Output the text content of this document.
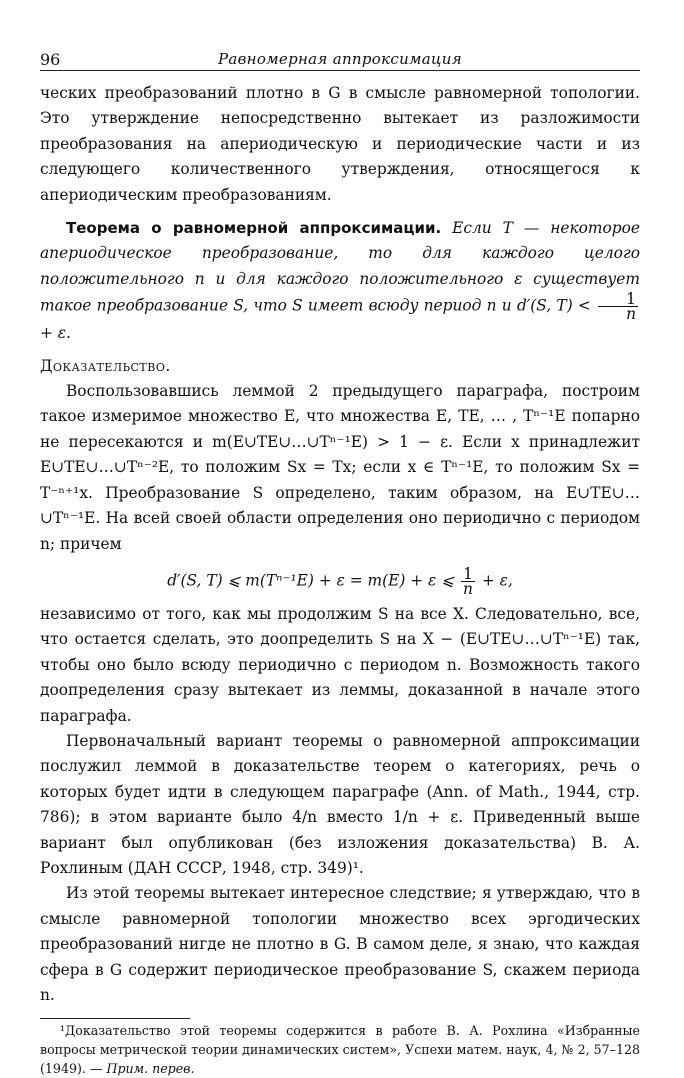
96	Равномерная аппроксимация

ческих преобразований плотно в G в смысле равномерной топологии. Это утверждение непосредственно вытекает из разложимости преобразования на апериодическую и периодические части и из следующего количественного утверждения, относящегося к апериодическим преобразованиям.

Теорема о равномерной аппроксимации. Если T — некоторое апериодическое преобразование, то для каждого целого положительного n и для каждого положительного ε существует такое преобразование S, что S имеет всюду период n и d′(S, $T) < \frac{1}{n}$
+ ε.

Доказательство.

Воспользовавшись леммой 2 предыдущего параграфа, построим такое измеримое множество E, что множества E, TE, … , Tⁿ⁻¹E попарно не пересекаются и m(E∪TE∪…∪Tⁿ⁻¹E) > 1 − ε. Если x принадлежит E∪TE∪…∪Tⁿ⁻²E, то положим Sx = Tx; если x ∈ Tⁿ⁻¹E, то положим Sx = T⁻ⁿ⁺¹x. Преобразование S определено, таким образом, на E∪TE∪…∪Tⁿ⁻¹E. На всей своей области определения оно периодично с периодом n; причем

d′(S, T) ⩽ m(Tⁿ⁻¹E) + ε = m(E) + ε ⩽ $\frac{1}{n} + \varepsilon$,

независимо от того, как мы продолжим S на все X. Следовательно, все, что остается сделать, это доопределить S на X − (E∪TE∪…∪Tⁿ⁻¹E) так, чтобы оно было всюду периодично с периодом n. Возможность такого доопределения сразу вытекает из леммы, доказанной в начале этого параграфа.

Первоначальный вариант теоремы о равномерной аппроксимации послужил леммой в доказательстве теорем о категориях, речь о которых будет идти в следующем параграфе (Ann. of Math., 1944, стр. 786); в этом варианте было 4/n вместо 1/n + ε. Приведенный выше вариант был опубликован (без изложения доказательства) В. А. Рохлиным (ДАН СССР, 1948, стр. 349)¹.

Из этой теоремы вытекает интересное следствие; я утверждаю, что в смысле равномерной топологии множество всех эргодических преобразований нигде не плотно в G. В самом деле, я знаю, что каждая сфера в G содержит периодическое преобразование S, скажем периода n.

¹Доказательство этой теоремы содержится в работе В. А. Рохлина «Избранные вопросы метрической теории динамических систем», Успехи матем. наук, 4, № 2, 57–128 (1949). — Прим. перев.
